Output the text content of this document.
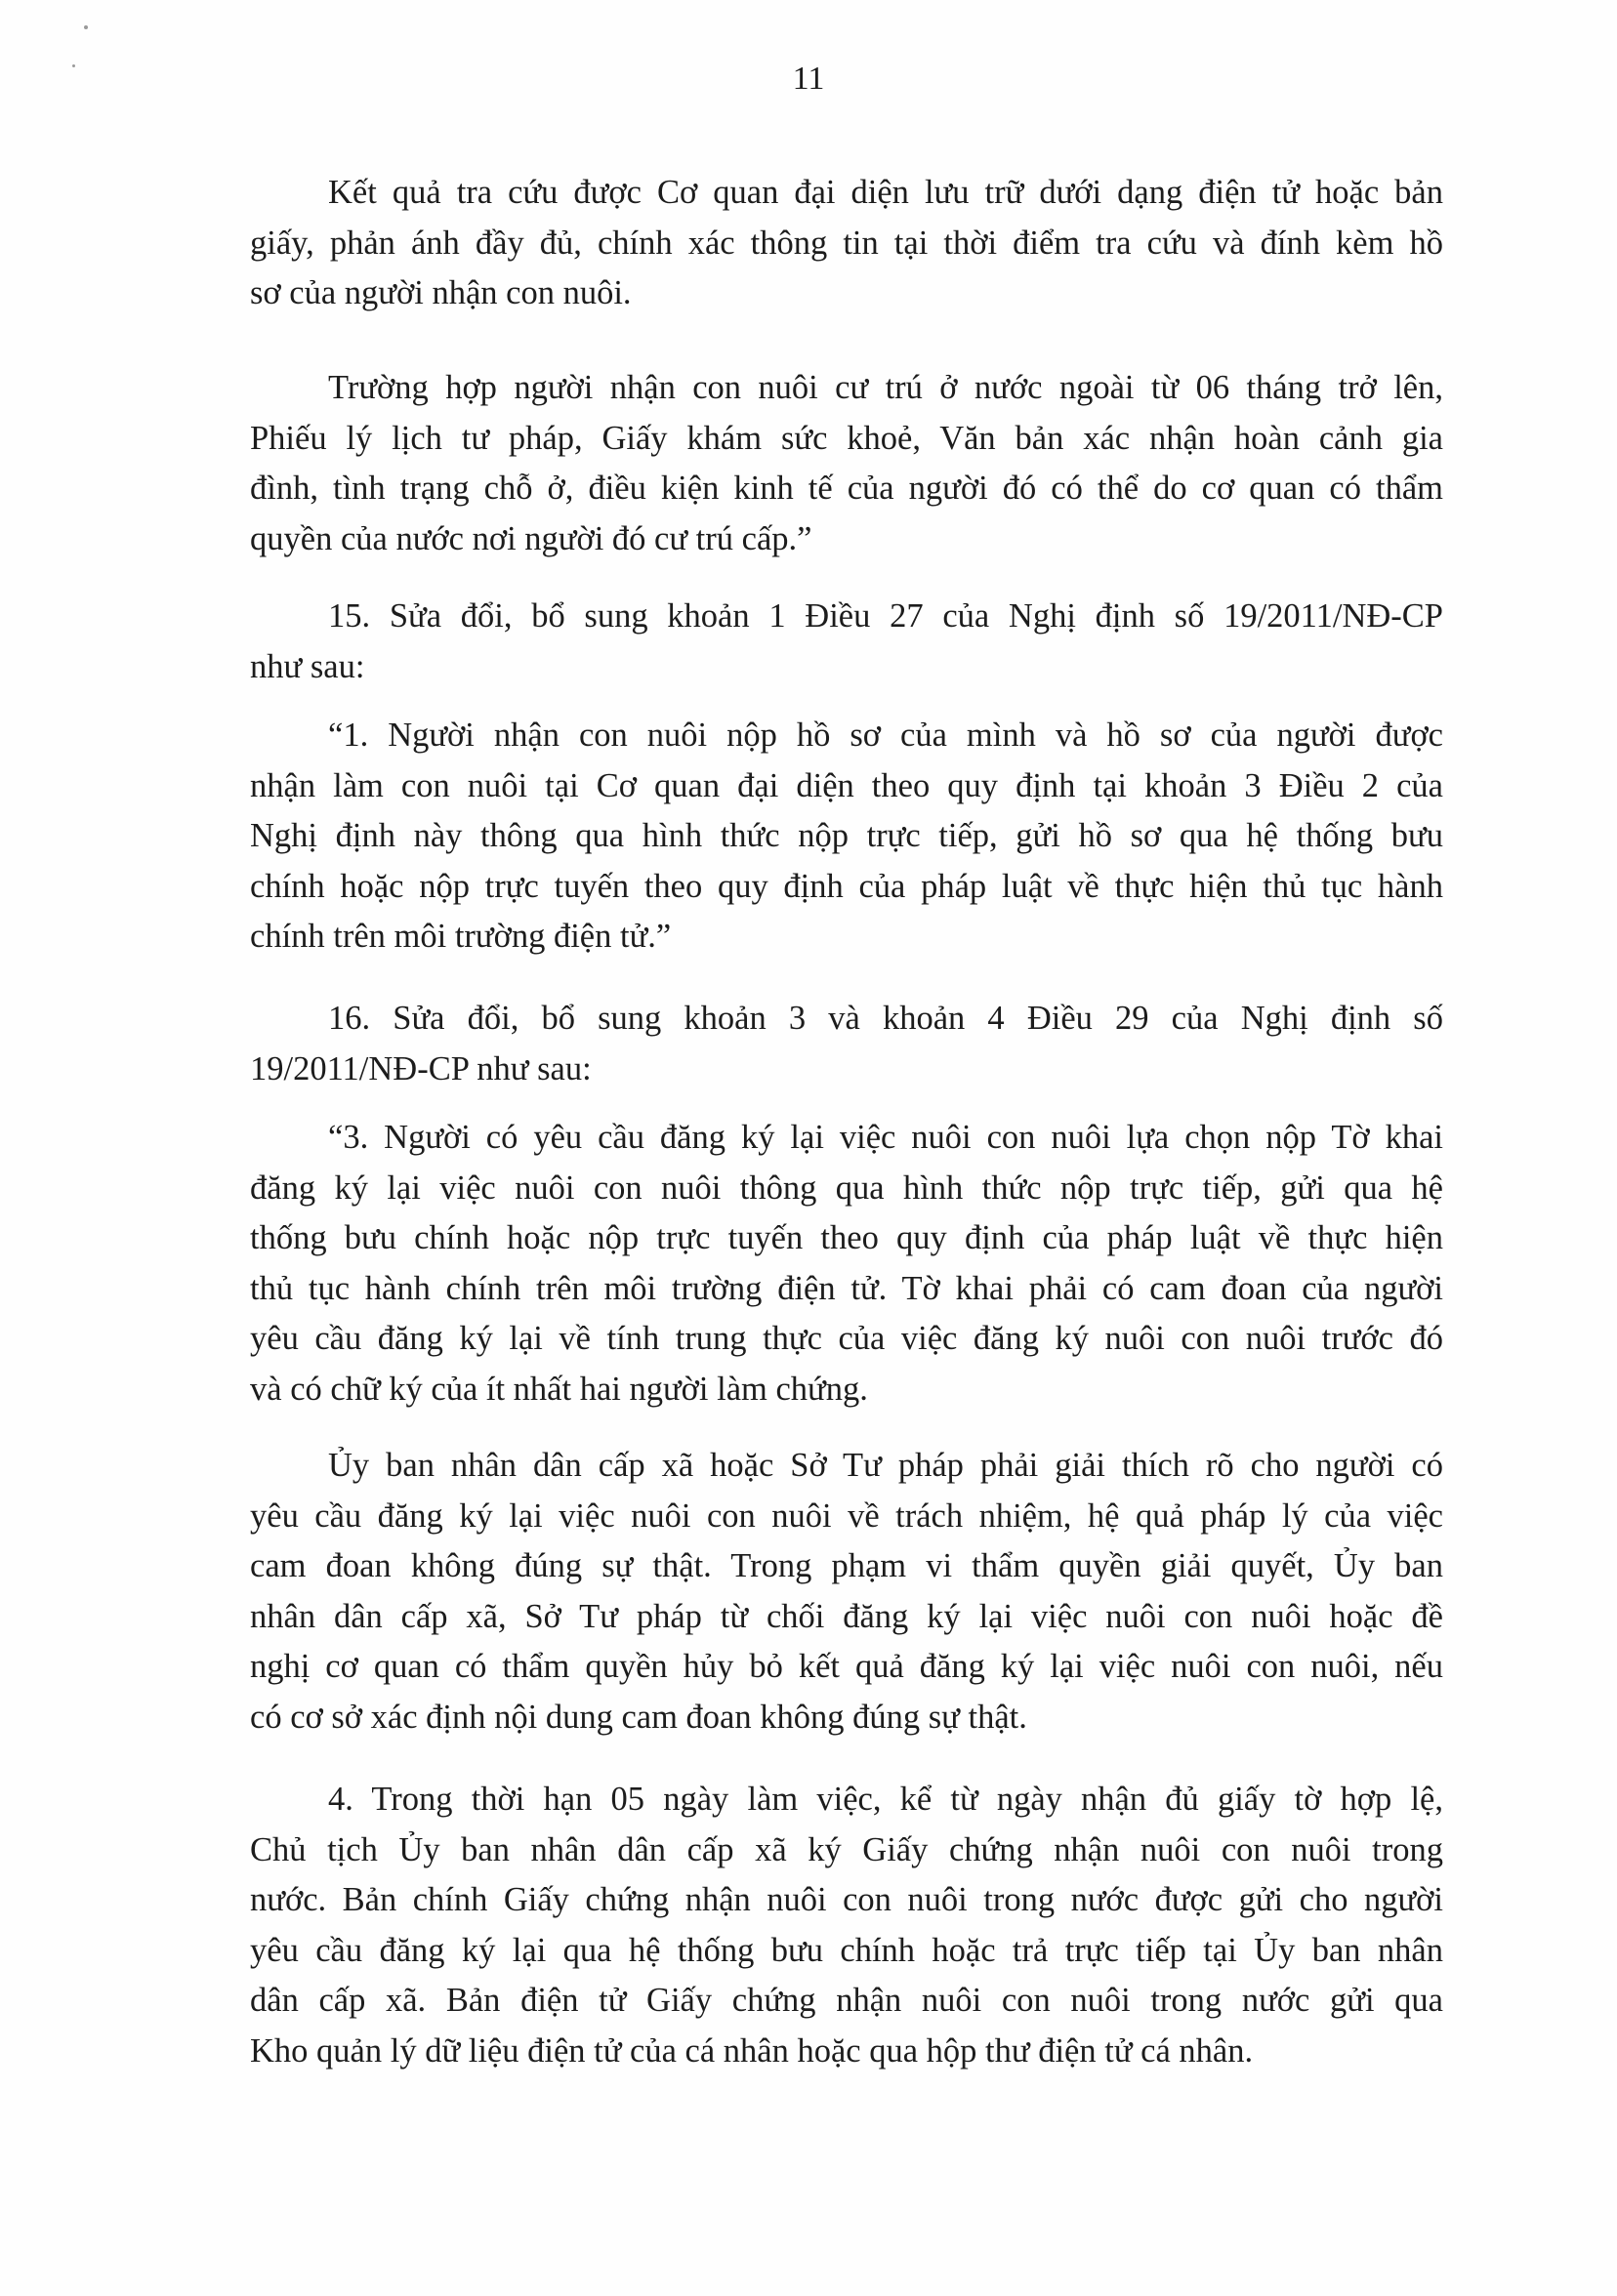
11
Kết quả tra cứu được Cơ quan đại diện lưu trữ dưới dạng điện tử hoặc bản
giấy, phản ánh đầy đủ, chính xác thông tin tại thời điểm tra cứu và đính kèm hồ
sơ của người nhận con nuôi.
Trường hợp người nhận con nuôi cư trú ở nước ngoài từ 06 tháng trở lên,
Phiếu lý lịch tư pháp, Giấy khám sức khoẻ, Văn bản xác nhận hoàn cảnh gia
đình, tình trạng chỗ ở, điều kiện kinh tế của người đó có thể do cơ quan có thẩm
quyền của nước nơi người đó cư trú cấp.”
15. Sửa đổi, bổ sung khoản 1 Điều 27 của Nghị định số 19/2011/NĐ-CP
như sau:
“1. Người nhận con nuôi nộp hồ sơ của mình và hồ sơ của người được
nhận làm con nuôi tại Cơ quan đại diện theo quy định tại khoản 3 Điều 2 của
Nghị định này thông qua hình thức nộp trực tiếp, gửi hồ sơ qua hệ thống bưu
chính hoặc nộp trực tuyến theo quy định của pháp luật về thực hiện thủ tục hành
chính trên môi trường điện tử.”
16. Sửa đổi, bổ sung khoản 3 và khoản 4 Điều 29 của Nghị định số
19/2011/NĐ-CP như sau:
“3. Người có yêu cầu đăng ký lại việc nuôi con nuôi lựa chọn nộp Tờ khai
đăng ký lại việc nuôi con nuôi thông qua hình thức nộp trực tiếp, gửi qua hệ
thống bưu chính hoặc nộp trực tuyến theo quy định của pháp luật về thực hiện
thủ tục hành chính trên môi trường điện tử. Tờ khai phải có cam đoan của người
yêu cầu đăng ký lại về tính trung thực của việc đăng ký nuôi con nuôi trước đó
và có chữ ký của ít nhất hai người làm chứng.
Ủy ban nhân dân cấp xã hoặc Sở Tư pháp phải giải thích rõ cho người có
yêu cầu đăng ký lại việc nuôi con nuôi về trách nhiệm, hệ quả pháp lý của việc
cam đoan không đúng sự thật. Trong phạm vi thẩm quyền giải quyết, Ủy ban
nhân dân cấp xã, Sở Tư pháp từ chối đăng ký lại việc nuôi con nuôi hoặc đề
nghị cơ quan có thẩm quyền hủy bỏ kết quả đăng ký lại việc nuôi con nuôi, nếu
có cơ sở xác định nội dung cam đoan không đúng sự thật.
4. Trong thời hạn 05 ngày làm việc, kể từ ngày nhận đủ giấy tờ hợp lệ,
Chủ tịch Ủy ban nhân dân cấp xã ký Giấy chứng nhận nuôi con nuôi trong
nước. Bản chính Giấy chứng nhận nuôi con nuôi trong nước được gửi cho người
yêu cầu đăng ký lại qua hệ thống bưu chính hoặc trả trực tiếp tại Ủy ban nhân
dân cấp xã. Bản điện tử Giấy chứng nhận nuôi con nuôi trong nước gửi qua
Kho quản lý dữ liệu điện tử của cá nhân hoặc qua hộp thư điện tử cá nhân.
